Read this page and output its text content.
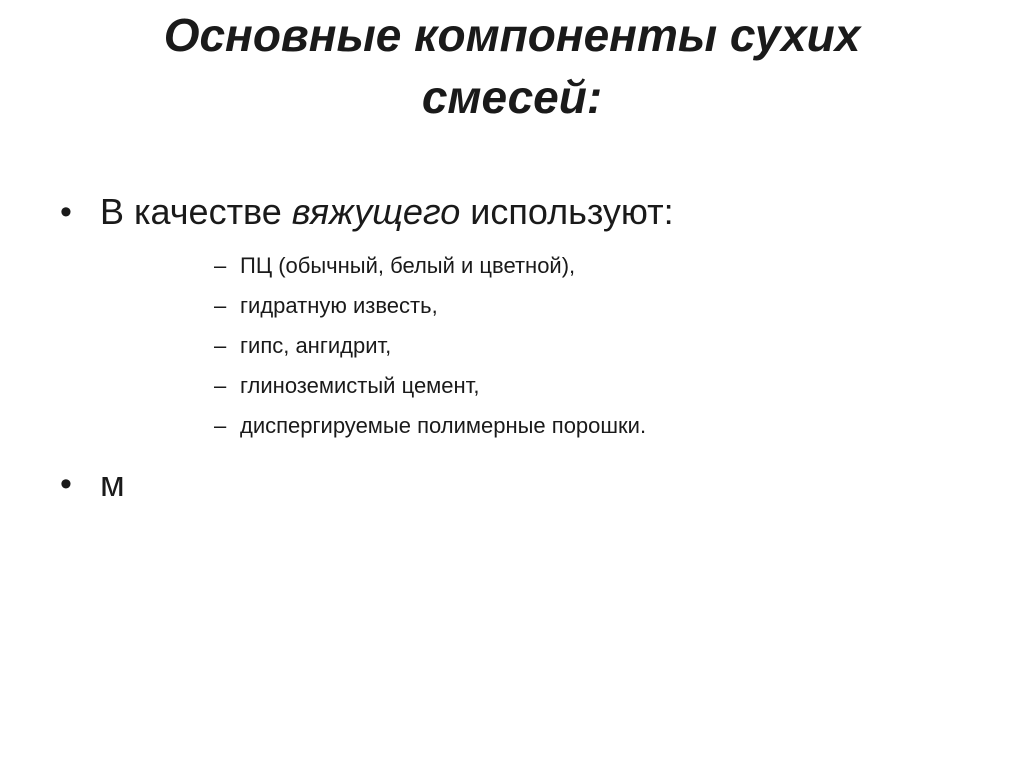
Основные компоненты сухих
смесей:
• В качестве вяжущего используют:
– ПЦ (обычный, белый и цветной),
– гидратную известь,
– гипс, ангидрит,
– глиноземистый цемент,
– диспергируемые полимерные порошки.
• м
